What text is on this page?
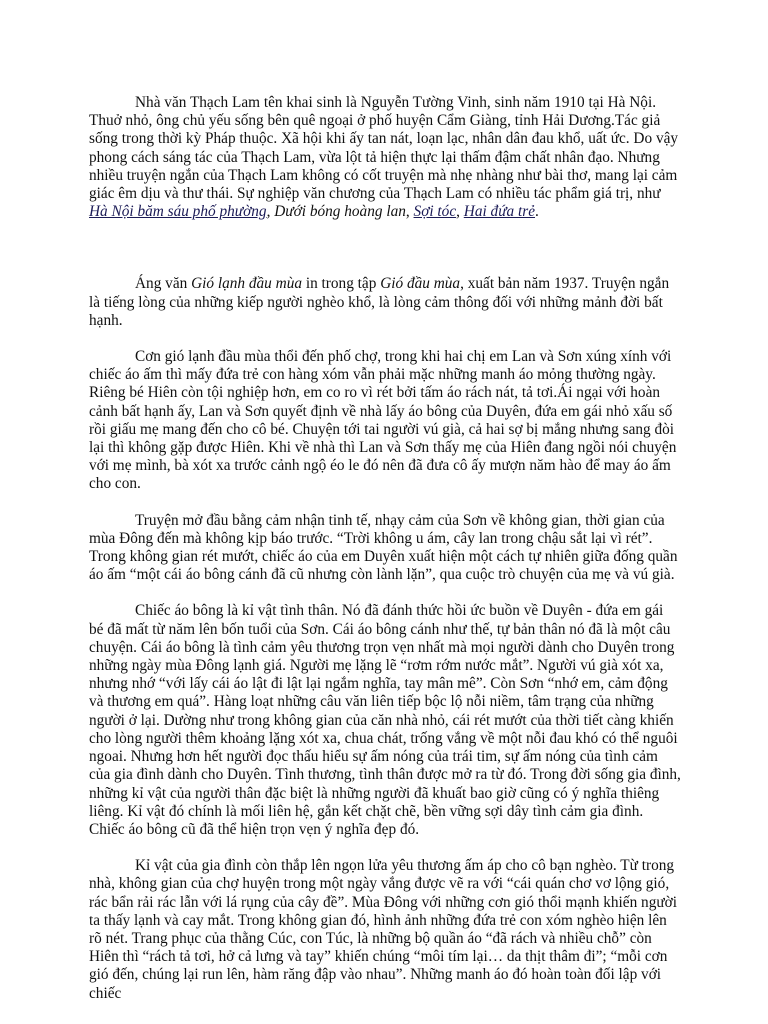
Nhà văn Thạch Lam tên khai sinh là Nguyễn Tường Vinh, sinh năm 1910 tại Hà Nội. Thuở nhỏ, ông chủ yếu sống bên quê ngoại ở phố huyện Cẩm Giàng, tỉnh Hải Dương.Tác giả sống trong thời kỳ Pháp thuộc. Xã hội khi ấy tan nát, loạn lạc, nhân dân đau khổ, uất ức. Do vậy phong cách sáng tác của Thạch Lam, vừa lột tả hiện thực lại thấm đậm chất nhân đạo. Nhưng nhiều truyện ngắn của Thạch Lam không có cốt truyện mà nhẹ nhàng như bài thơ, mang lại cảm giác êm dịu và thư thái. Sự nghiệp văn chương của Thạch Lam có nhiều tác phẩm giá trị, như Hà Nội băm sáu phố phường, Dưới bóng hoàng lan, Sợi tóc, Hai đứa trẻ.

Áng văn Gió lạnh đầu mùa in trong tập Gió đầu mùa, xuất bản năm 1937. Truyện ngắn là tiếng lòng của những kiếp người nghèo khổ, là lòng cảm thông đối với những mảnh đời bất hạnh.

Cơn gió lạnh đầu mùa thổi đến phố chợ, trong khi hai chị em Lan và Sơn xúng xính với chiếc áo ấm thì mấy đứa trẻ con hàng xóm vẫn phải mặc những manh áo mỏng thường ngày. Riêng bé Hiên còn tội nghiệp hơn, em co ro vì rét bởi tấm áo rách nát, tả tơi.Ái ngại với hoàn cảnh bất hạnh ấy, Lan và Sơn quyết định về nhà lấy áo bông của Duyên, đứa em gái nhỏ xấu số rồi giấu mẹ mang đến cho cô bé. Chuyện tới tai người vú già, cả hai sợ bị mắng nhưng sang đòi lại thì không gặp được Hiên. Khi về nhà thì Lan và Sơn thấy mẹ của Hiên đang ngồi nói chuyện với mẹ mình, bà xót xa trước cảnh ngộ éo le đó nên đã đưa cô ấy mượn năm hào để may áo ấm cho con.

Truyện mở đầu bằng cảm nhận tinh tế, nhạy cảm của Sơn về không gian, thời gian của mùa Đông đến mà không kịp báo trước. “Trời không u ám, cây lan trong chậu sắt lại vì rét”. Trong không gian rét mướt, chiếc áo của em Duyên xuất hiện một cách tự nhiên giữa đống quần áo ấm “một cái áo bông cánh đã cũ nhưng còn lành lặn”, qua cuộc trò chuyện của mẹ và vú già.

Chiếc áo bông là kỉ vật tình thân. Nó đã đánh thức hồi ức buồn về Duyên - đứa em gái bé đã mất từ năm lên bốn tuổi của Sơn. Cái áo bông cánh như thế, tự bản thân nó đã là một câu chuyện. Cái áo bông là tình cảm yêu thương trọn vẹn nhất mà mọi người dành cho Duyên trong những ngày mùa Đông lạnh giá. Người mẹ lặng lẽ “rơm rớm nước mắt”. Người vú già xót xa, nhưng nhớ “với lấy cái áo lật đi lật lại ngắm nghĩa, tay mân mê”. Còn Sơn “nhớ em, cảm động và thương em quá”. Hàng loạt những câu văn liên tiếp bộc lộ nỗi niềm, tâm trạng của những người ở lại. Dường như trong không gian của căn nhà nhỏ, cái rét mướt của thời tiết càng khiến cho lòng người thêm khoảng lặng xót xa, chua chát, trống vắng về một nỗi đau khó có thể nguôi ngoai. Nhưng hơn hết người đọc thấu hiểu sự ấm nóng của trái tim, sự ấm nóng của tình cảm của gia đình dành cho Duyên. Tình thương, tình thân được mở ra từ đó. Trong đời sống gia đình, những kỉ vật của người thân đặc biệt là những người đã khuất bao giờ cũng có ý nghĩa thiêng liêng. Kỉ vật đó chính là mối liên hệ, gắn kết chặt chẽ, bền vững sợi dây tình cảm gia đình. Chiếc áo bông cũ đã thể hiện trọn vẹn ý nghĩa đẹp đó.

Kỉ vật của gia đình còn thắp lên ngọn lửa yêu thương ấm áp cho cô bạn nghèo. Từ trong nhà, không gian của chợ huyện trong một ngày vắng được vẽ ra với “cái quán chơ vơ lộng gió, rác bẩn rải rác lẫn với lá rụng của cây đề”. Mùa Đông với những cơn gió thổi mạnh khiến người ta thấy lạnh và cay mắt. Trong không gian đó, hình ảnh những đứa trẻ con xóm nghèo hiện lên rõ nét. Trang phục của thằng Cúc, con Túc, là những bộ quần áo “đã rách và nhiều chỗ” còn Hiên thì “rách tả tơi, hở cả lưng và tay” khiến chúng “môi tím lại… da thịt thâm đi”; “mỗi cơn gió đến, chúng lại run lên, hàm răng đập vào nhau”. Những manh áo đó hoàn toàn đối lập với chiếc
